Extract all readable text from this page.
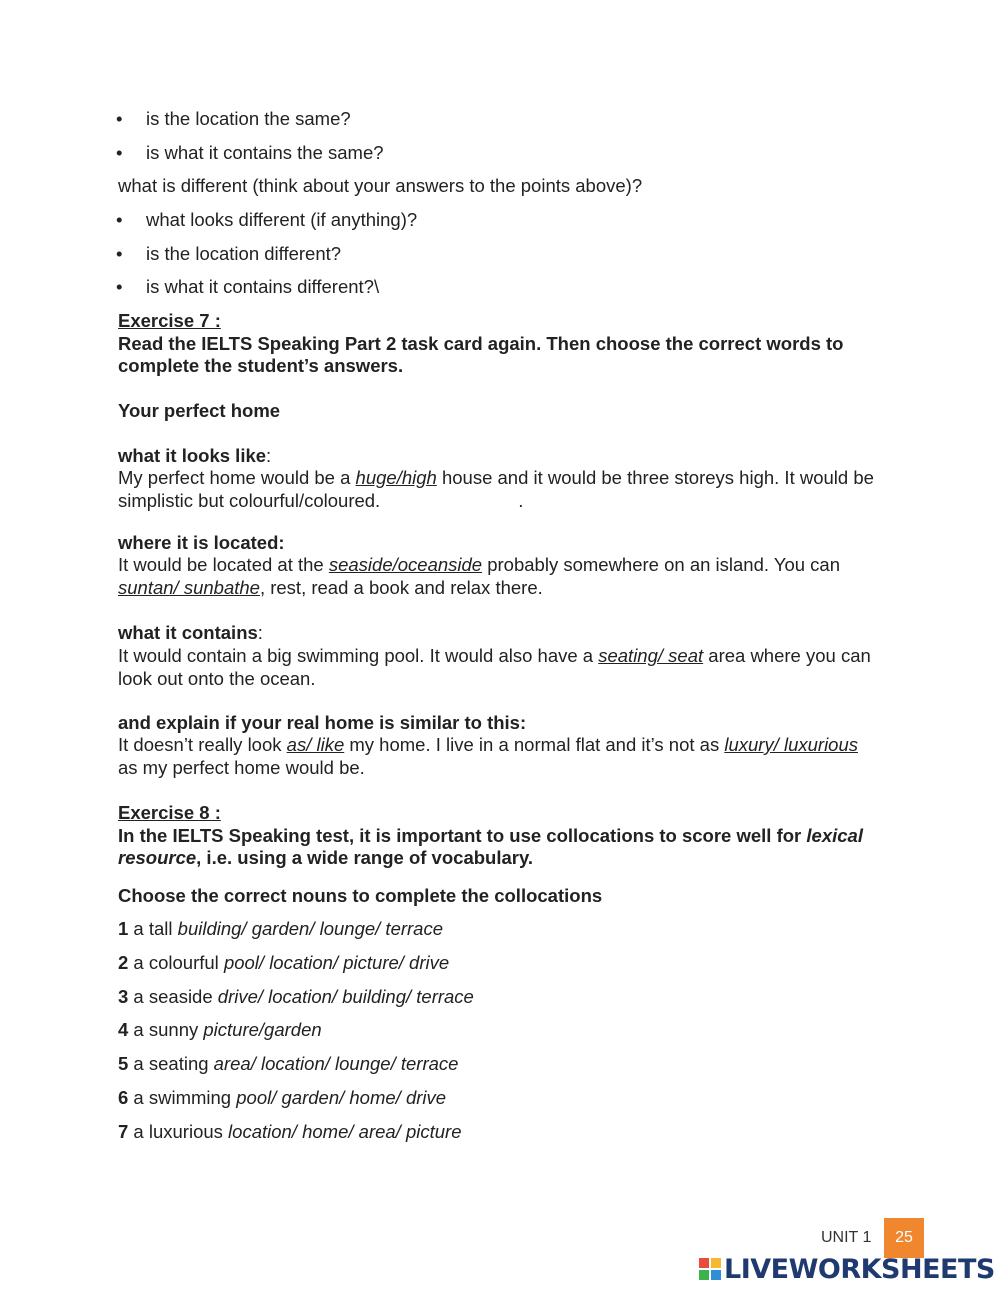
• is the location the same?
• is what it contains the same?
what is different (think about your answers to the points above)?
• what looks different (if anything)?
• is the location different?
• is what it contains different?\
Exercise 7 :
Read the IELTS Speaking Part 2 task card again. Then choose the correct words to
complete the student’s answers.
Your perfect home
what it looks like:
My perfect home would be a huge/high house and it would be three storeys high. It would be
simplistic but colourful/coloured.	.
where it is located:
It would be located at the seaside/oceanside probably somewhere on an island. You can
suntan/ sunbathe, rest, read a book and relax there.
what it contains:
It would contain a big swimming pool. It would also have a seating/ seat area where you can
look out onto the ocean.
and explain if your real home is similar to this:
It doesn’t really look as/ like my home. I live in a normal flat and it’s not as luxury/ luxurious
as my perfect home would be.
Exercise 8 :
In the IELTS Speaking test, it is important to use collocations to score well for lexical
resource, i.e. using a wide range of vocabulary.
Choose the correct nouns to complete the collocations
1 a tall building/ garden/ lounge/ terrace
2 a colourful pool/ location/ picture/ drive
3 a seaside drive/ location/ building/ terrace
4 a sunny picture/garden
5 a seating area/ location/ lounge/ terrace
6 a swimming pool/ garden/ home/ drive
7 a luxurious location/ home/ area/ picture
UNIT 1	25
LIVEWORKSHEETS
